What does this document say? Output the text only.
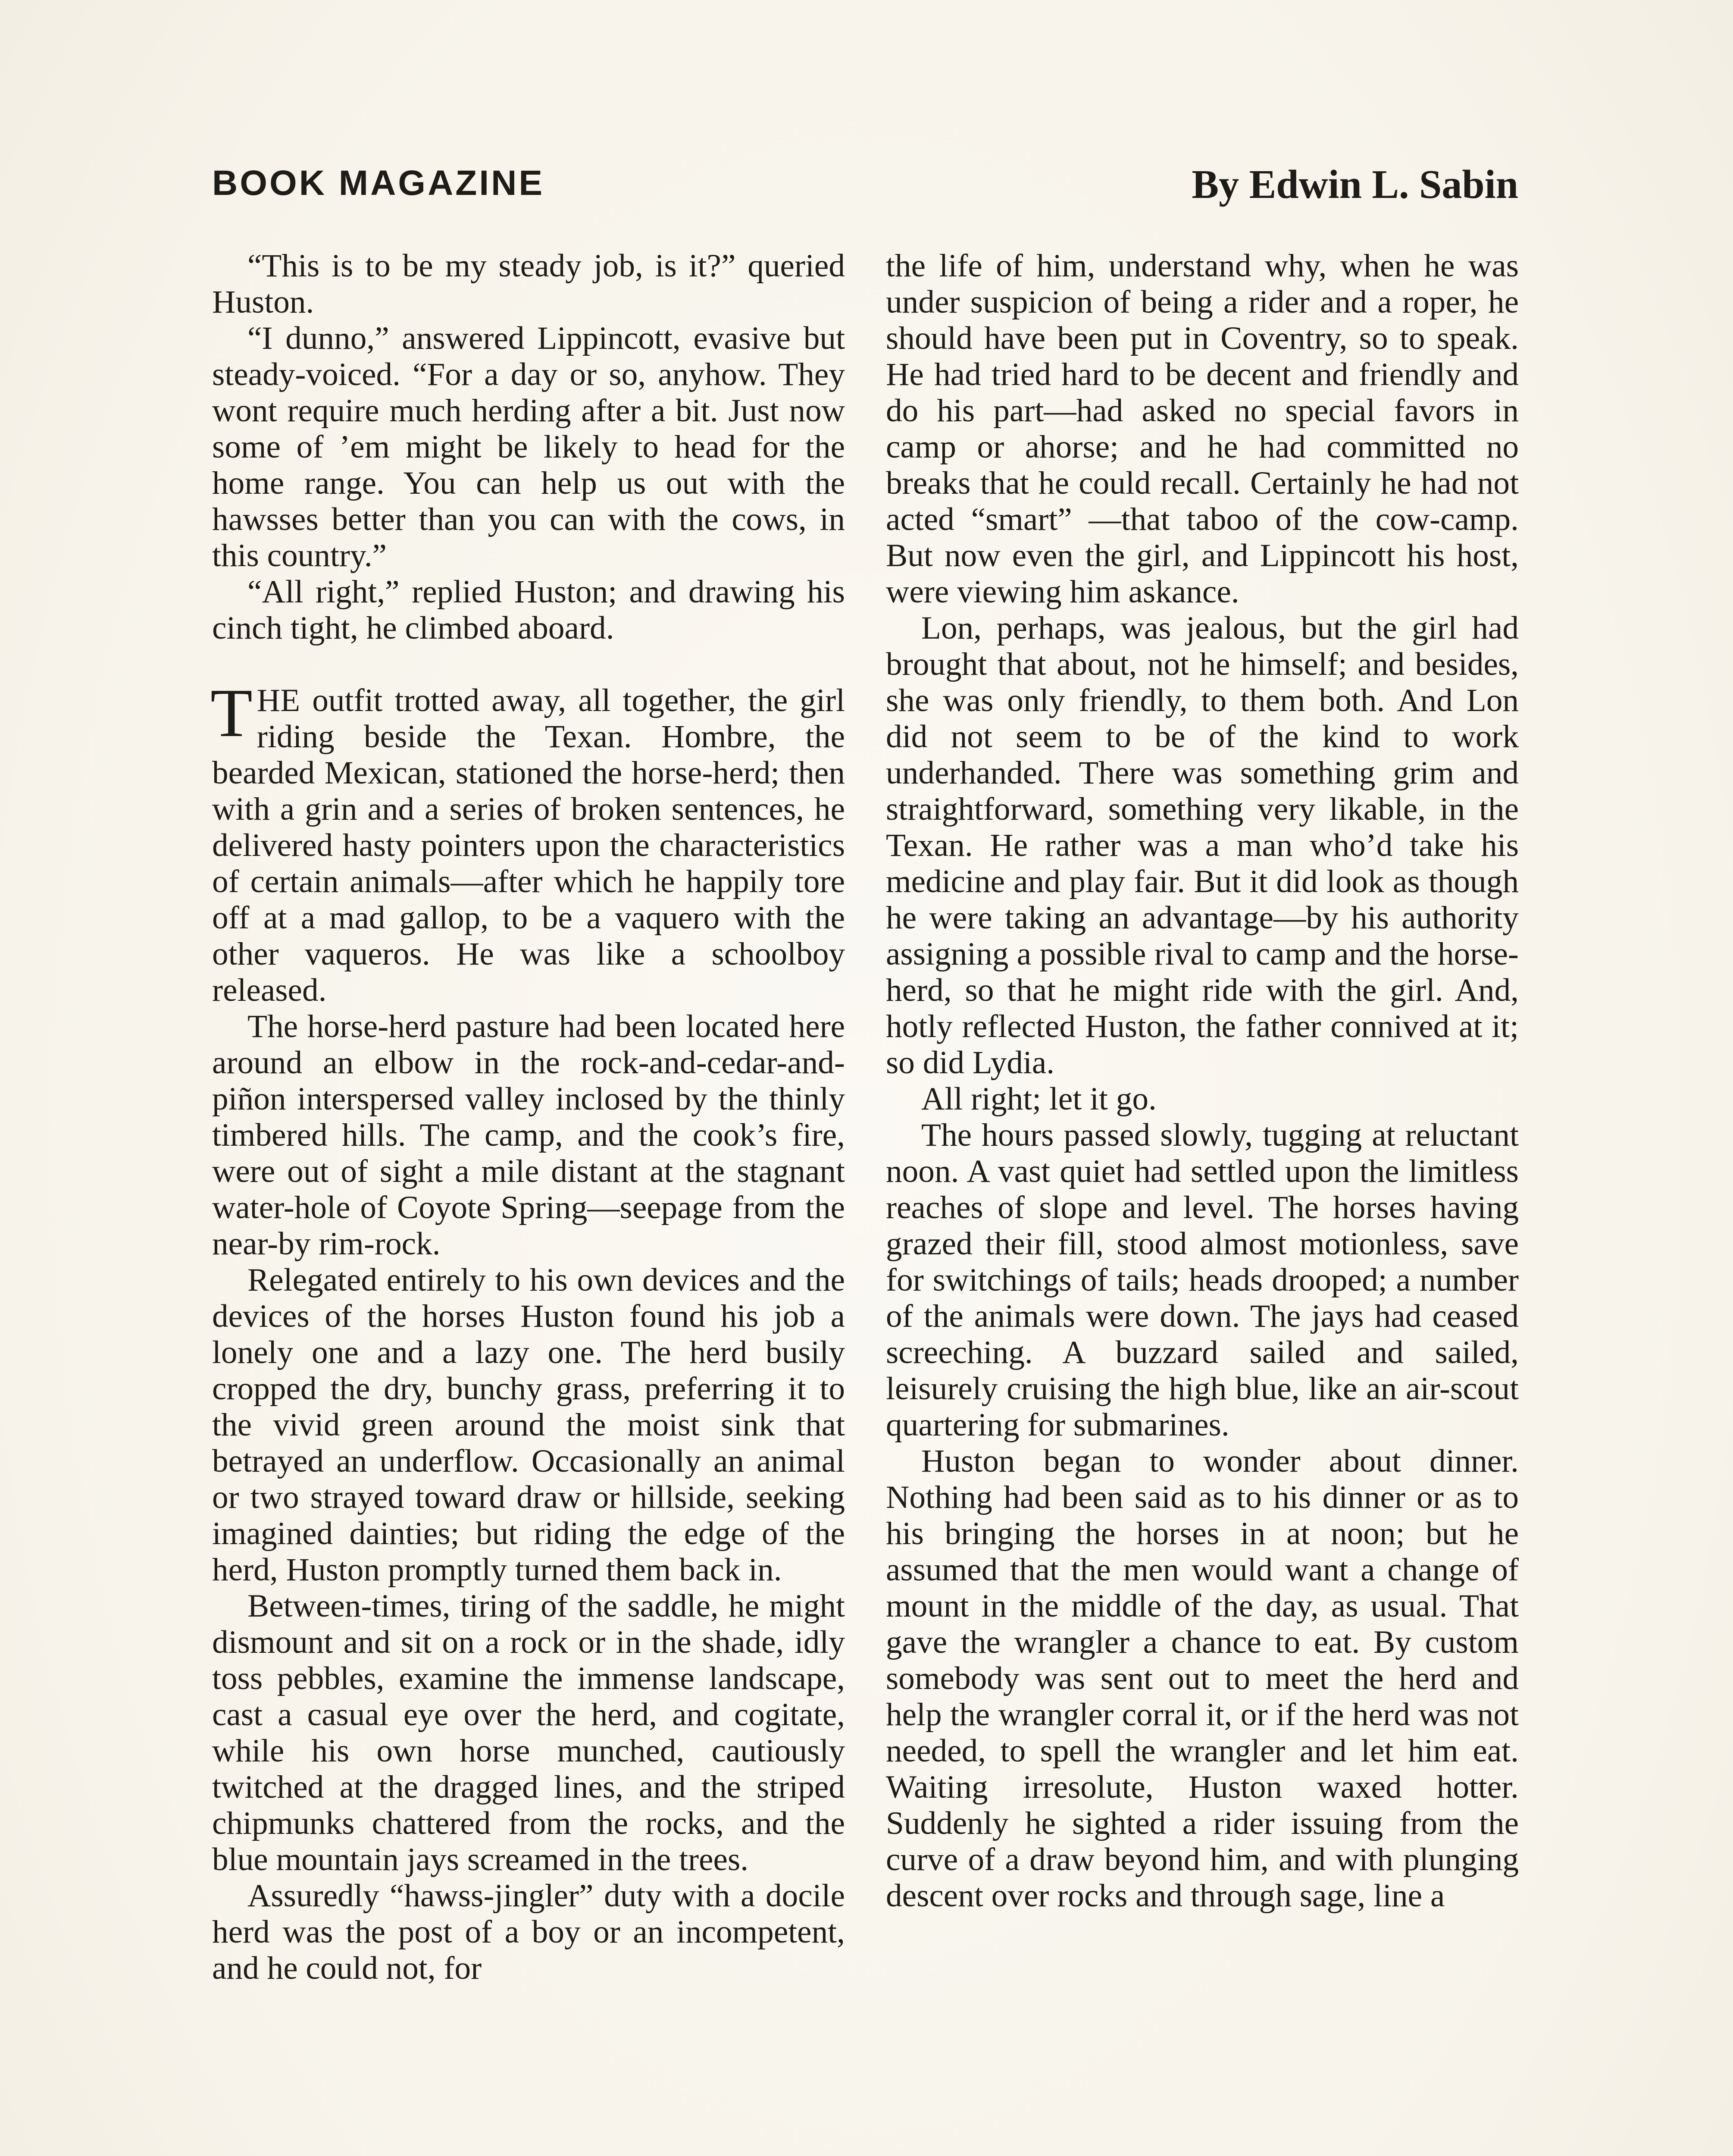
BOOK MAGAZINE	By Edwin L. Sabin

“This is to be my steady job, is it?” queried Huston.

“I dunno,” answered Lippincott, evasive but steady-voiced. “For a day or so, anyhow. They wont require much herding after a bit. Just now some of ’em might be likely to head for the home range. You can help us out with the hawsses better than you can with the cows, in this country.”

“All right,” replied Huston; and drawing his cinch tight, he climbed aboard.

THE outfit trotted away, all together, the girl riding beside the Texan. Hombre, the bearded Mexican, stationed the horse-herd; then with a grin and a series of broken sentences, he delivered hasty pointers upon the characteristics of certain animals—after which he happily tore off at a mad gallop, to be a vaquero with the other vaqueros. He was like a schoolboy released.

The horse-herd pasture had been located here around an elbow in the rock-and-cedar-and-piñon interspersed valley inclosed by the thinly timbered hills. The camp, and the cook’s fire, were out of sight a mile distant at the stagnant water-hole of Coyote Spring—seepage from the near-by rim-rock.

Relegated entirely to his own devices and the devices of the horses Huston found his job a lonely one and a lazy one. The herd busily cropped the dry, bunchy grass, preferring it to the vivid green around the moist sink that betrayed an underflow. Occasionally an animal or two strayed toward draw or hillside, seeking imagined dainties; but riding the edge of the herd, Huston promptly turned them back in.

Between-times, tiring of the saddle, he might dismount and sit on a rock or in the shade, idly toss pebbles, examine the immense landscape, cast a casual eye over the herd, and cogitate, while his own horse munched, cautiously twitched at the dragged lines, and the striped chipmunks chattered from the rocks, and the blue mountain jays screamed in the trees.

Assuredly “hawss-jingler” duty with a docile herd was the post of a boy or an incompetent, and he could not, for

the life of him, understand why, when he was under suspicion of being a rider and a roper, he should have been put in Coventry, so to speak. He had tried hard to be decent and friendly and do his part—had asked no special favors in camp or ahorse; and he had committed no breaks that he could recall. Certainly he had not acted “smart” —that taboo of the cow-camp. But now even the girl, and Lippincott his host, were viewing him askance.

Lon, perhaps, was jealous, but the girl had brought that about, not he himself; and besides, she was only friendly, to them both. And Lon did not seem to be of the kind to work underhanded. There was something grim and straightforward, something very likable, in the Texan. He rather was a man who’d take his medicine and play fair. But it did look as though he were taking an advantage—by his authority assigning a possible rival to camp and the horse-herd, so that he might ride with the girl. And, hotly reflected Huston, the father connived at it; so did Lydia.

All right; let it go.

The hours passed slowly, tugging at reluctant noon. A vast quiet had settled upon the limitless reaches of slope and level. The horses having grazed their fill, stood almost motionless, save for switchings of tails; heads drooped; a number of the animals were down. The jays had ceased screeching. A buzzard sailed and sailed, leisurely cruising the high blue, like an air-scout quartering for submarines.

Huston began to wonder about dinner. Nothing had been said as to his dinner or as to his bringing the horses in at noon; but he assumed that the men would want a change of mount in the middle of the day, as usual. That gave the wrangler a chance to eat. By custom somebody was sent out to meet the herd and help the wrangler corral it, or if the herd was not needed, to spell the wrangler and let him eat. Waiting irresolute, Huston waxed hotter. Suddenly he sighted a rider issuing from the curve of a draw beyond him, and with plunging descent over rocks and through sage, line a
